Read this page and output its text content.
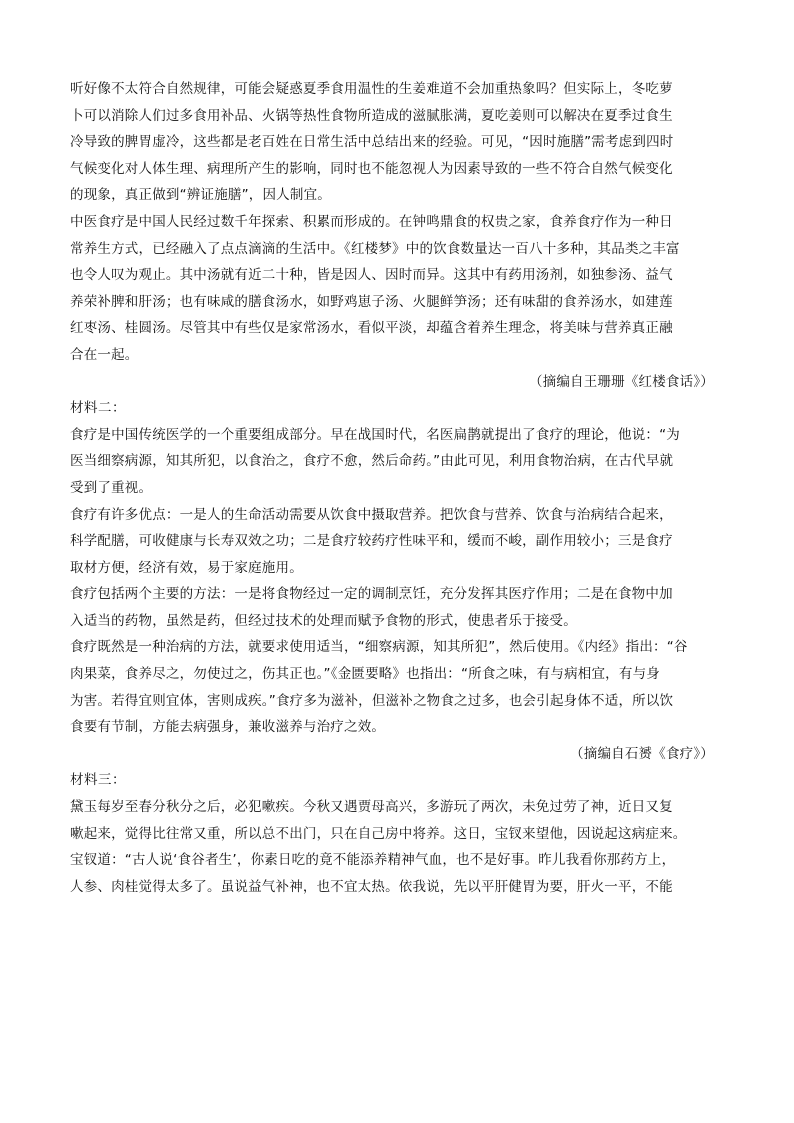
听好像不太符合自然规律，可能会疑惑夏季食用温性的生姜难道不会加重热象吗？但实际上，冬吃萝
卜可以消除人们过多食用补品、火锅等热性食物所造成的滋腻胀满，夏吃姜则可以解决在夏季过食生
冷导致的脾胃虚冷，这些都是老百姓在日常生活中总结出来的经验。可见，“因时施膳”需考虑到四时
气候变化对人体生理、病理所产生的影响，同时也不能忽视人为因素导致的一些不符合自然气候变化
的现象，真正做到“辨证施膳”，因人制宜。
中医食疗是中国人民经过数千年探索、积累而形成的。在钟鸣鼎食的权贵之家，食养食疗作为一种日
常养生方式，已经融入了点点滴滴的生活中。《红楼梦》中的饮食数量达一百八十多种，其品类之丰富
也令人叹为观止。其中汤就有近二十种，皆是因人、因时而异。这其中有药用汤剂，如独参汤、益气
养荣补脾和肝汤；也有味咸的膳食汤水，如野鸡崽子汤、火腿鲜笋汤；还有味甜的食养汤水，如建莲
红枣汤、桂圆汤。尽管其中有些仅是家常汤水，看似平淡，却蕴含着养生理念，将美味与营养真正融
合在一起。
（摘编自王珊珊《红楼食话》）
材料二：
食疗是中国传统医学的一个重要组成部分。早在战国时代，名医扁鹊就提出了食疗的理论，他说：“为
医当细察病源，知其所犯，以食治之，食疗不愈，然后命药。”由此可见，利用食物治病，在古代早就
受到了重视。
食疗有许多优点：一是人的生命活动需要从饮食中摄取营养。把饮食与营养、饮食与治病结合起来，
科学配膳，可收健康与长寿双效之功；二是食疗较药疗性味平和，缓而不峻，副作用较小；三是食疗
取材方便，经济有效，易于家庭施用。
食疗包括两个主要的方法：一是将食物经过一定的调制烹饪，充分发挥其医疗作用；二是在食物中加
入适当的药物，虽然是药，但经过技术的处理而赋予食物的形式，使患者乐于接受。
食疗既然是一种治病的方法，就要求使用适当，“细察病源，知其所犯”，然后使用。《内经》指出：“谷
肉果菜，食养尽之，勿使过之，伤其正也。”《金匮要略》也指出：“所食之味，有与病相宜，有与身
为害。若得宜则宜体，害则成疾。”食疗多为滋补，但滋补之物食之过多，也会引起身体不适，所以饮
食要有节制，方能去病强身，兼收滋养与治疗之效。
（摘编自石赟《食疗》）
材料三：
黛玉每岁至春分秋分之后，必犯嗽疾。今秋又遇贾母高兴，多游玩了两次，未免过劳了神，近日又复
嗽起来，觉得比往常又重，所以总不出门，只在自己房中将养。这日，宝钗来望他，因说起这病症来。
宝钗道：“古人说‘食谷者生’，你素日吃的竟不能添养精神气血，也不是好事。昨儿我看你那药方上，
人参、肉桂觉得太多了。虽说益气补神，也不宜太热。依我说，先以平肝健胃为要，肝火一平，不能
